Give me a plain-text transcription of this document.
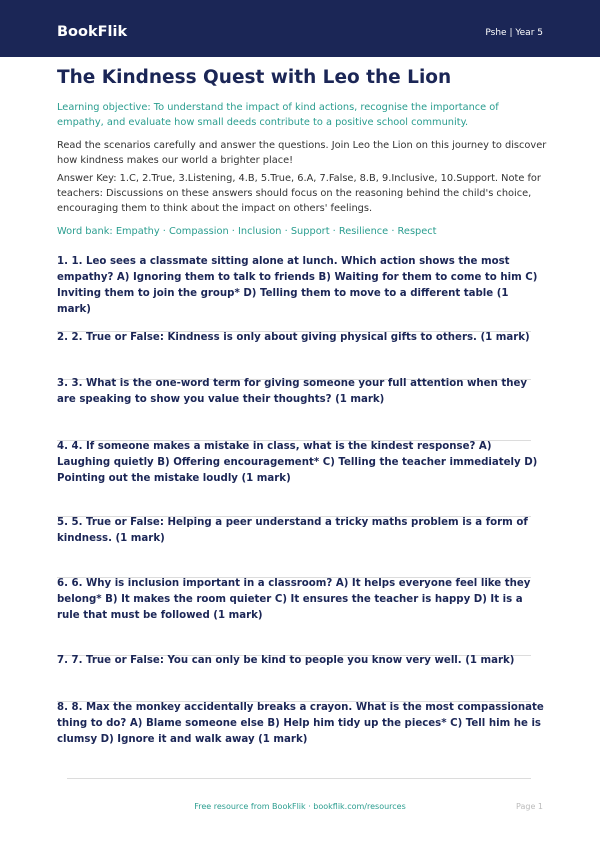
BookFlik	Pshe | Year 5
The Kindness Quest with Leo the Lion

Learning objective: To understand the impact of kind actions, recognise the importance of empathy, and evaluate how small deeds contribute to a positive school community.

Read the scenarios carefully and answer the questions. Join Leo the Lion on this journey to discover how kindness makes our world a brighter place!

Answer Key: 1.C, 2.True, 3.Listening, 4.B, 5.True, 6.A, 7.False, 8.B, 9.Inclusive, 10.Support. Note for teachers: Discussions on these answers should focus on the reasoning behind the child's choice, encouraging them to think about the impact on others' feelings.

Word bank: Empathy · Compassion · Inclusion · Support · Resilience · Respect

1. 1. Leo sees a classmate sitting alone at lunch. Which action shows the most empathy? A) Ignoring them to talk to friends B) Waiting for them to come to him C) Inviting them to join the group* D) Telling them to move to a different table (1 mark)

2. 2. True or False: Kindness is only about giving physical gifts to others. (1 mark)

3. 3. What is the one-word term for giving someone your full attention when they are speaking to show you value their thoughts? (1 mark)

4. 4. If someone makes a mistake in class, what is the kindest response? A) Laughing quietly B) Offering encouragement* C) Telling the teacher immediately D) Pointing out the mistake loudly (1 mark)

5. 5. True or False: Helping a peer understand a tricky maths problem is a form of kindness. (1 mark)

6. 6. Why is inclusion important in a classroom? A) It helps everyone feel like they belong* B) It makes the room quieter C) It ensures the teacher is happy D) It is a rule that must be followed (1 mark)

7. 7. True or False: You can only be kind to people you know very well. (1 mark)

8. 8. Max the monkey accidentally breaks a crayon. What is the most compassionate thing to do? A) Blame someone else B) Help him tidy up the pieces* C) Tell him he is clumsy D) Ignore it and walk away (1 mark)

Free resource from BookFlik · bookflik.com/resources	Page 1
